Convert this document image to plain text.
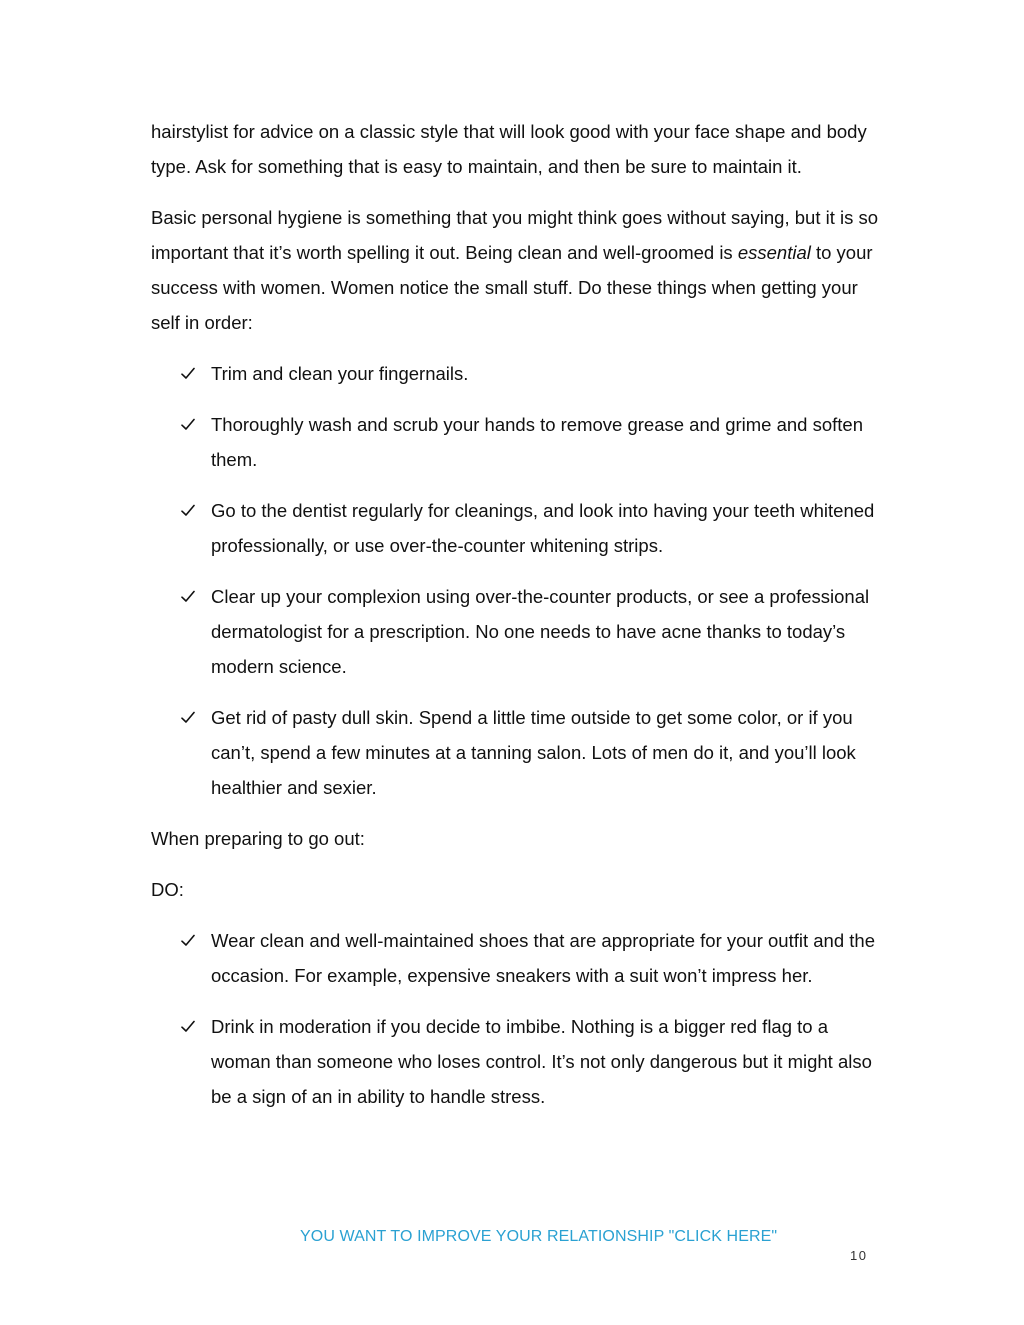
hairstylist for advice on a classic style that will look good with your face shape and body type. Ask for something that is easy to maintain, and then be sure to maintain it.

Basic personal hygiene is something that you might think goes without saying, but it is so important that it’s worth spelling it out. Being clean and well-groomed is essential to your success with women. Women notice the small stuff. Do these things when getting your self in order:

Trim and clean your fingernails.
Thoroughly wash and scrub your hands to remove grease and grime and soften them.
Go to the dentist regularly for cleanings, and look into having your teeth whitened professionally, or use over-the-counter whitening strips.
Clear up your complexion using over-the-counter products, or see a professional dermatologist for a prescription. No one needs to have acne thanks to today’s modern science.
Get rid of pasty dull skin. Spend a little time outside to get some color, or if you can’t, spend a few minutes at a tanning salon. Lots of men do it, and you’ll look healthier and sexier.

When preparing to go out:

DO:

Wear clean and well-maintained shoes that are appropriate for your outfit and the occasion. For example, expensive sneakers with a suit won’t impress her.
Drink in moderation if you decide to imbibe. Nothing is a bigger red flag to a woman than someone who loses control. It’s not only dangerous but it might also be a sign of an in ability to handle stress.
YOU WANT TO IMPROVE YOUR RELATIONSHIP "CLICK HERE"
10
